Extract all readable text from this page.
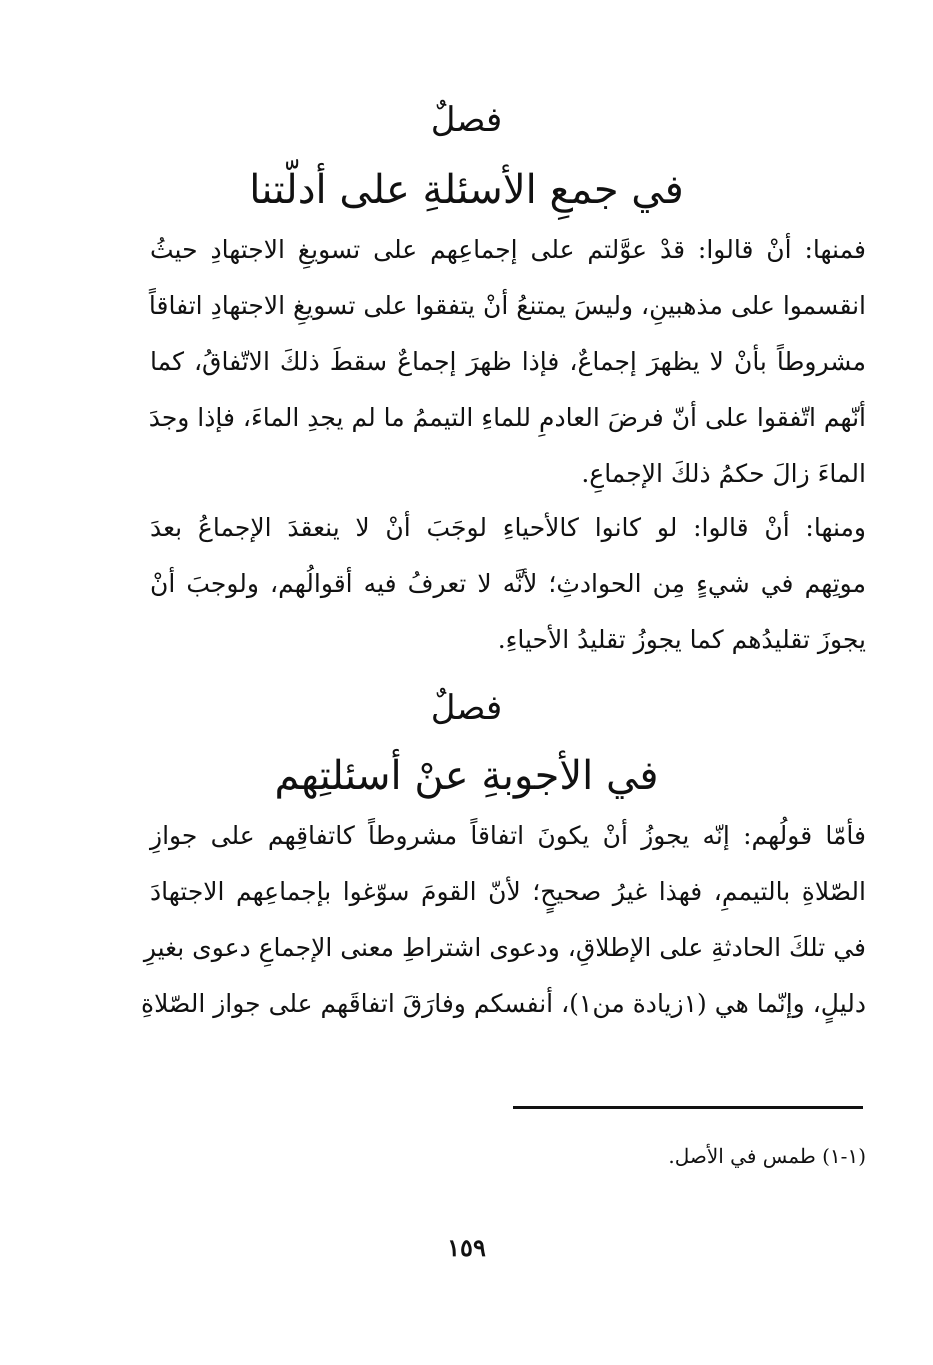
فصلٌ
في جمعِ الأسئلةِ على أدلّتنا
فمنها: أنْ قالوا: قدْ عوَّلتم على إجماعِهم على تسويغِ الاجتهادِ حيثُ
انقسموا على مذهبينِ، وليسَ يمتنعُ أنْ يتفقوا على تسويغِ الاجتهادِ اتفاقاً
مشروطاً بأنْ لا يظهرَ إجماعٌ، فإذا ظهرَ إجماعٌ سقطَ ذلكَ الاتّفاقُ، كما
أنّهم اتّفقوا على أنّ فرضَ العادمِ للماءِ التيممُ ما لم يجدِ الماءَ، فإذا وجدَ
الماءَ زالَ حكمُ ذلكَ الإجماعِ.
ومنها: أنْ قالوا: لو كانوا كالأحياءِ لوجَبَ أنْ لا ينعقدَ الإجماعُ بعدَ
موتِهم في شيءٍ مِن الحوادثِ؛ لأنَّه لا تعرفُ فيه أقوالُهم، ولوجبَ أنْ
يجوزَ تقليدُهم كما يجوزُ تقليدُ الأحياءِ.
فصلٌ
في الأجوبةِ عنْ أسئلتِهم
فأمّا قولُهم: إنّه يجوزُ أنْ يكونَ اتفاقاً مشروطاً كاتفاقِهم على جوازِ
الصّلاةِ بالتيممِ، فهذا غيرُ صحيحٍ؛ لأنّ القومَ سوّغوا بإجماعِهم الاجتهادَ
في تلكَ الحادثةِ على الإطلاقِ، ودعوى اشتراطِ معنى الإجماعِ دعوى بغيرِ
دليلٍ، وإنّما هي (١زيادة من١)، أنفسكم وفارَقَ اتفاقَهم على جواز الصّلاةِ
(١-١) طمس في الأصل.
١٥٩
